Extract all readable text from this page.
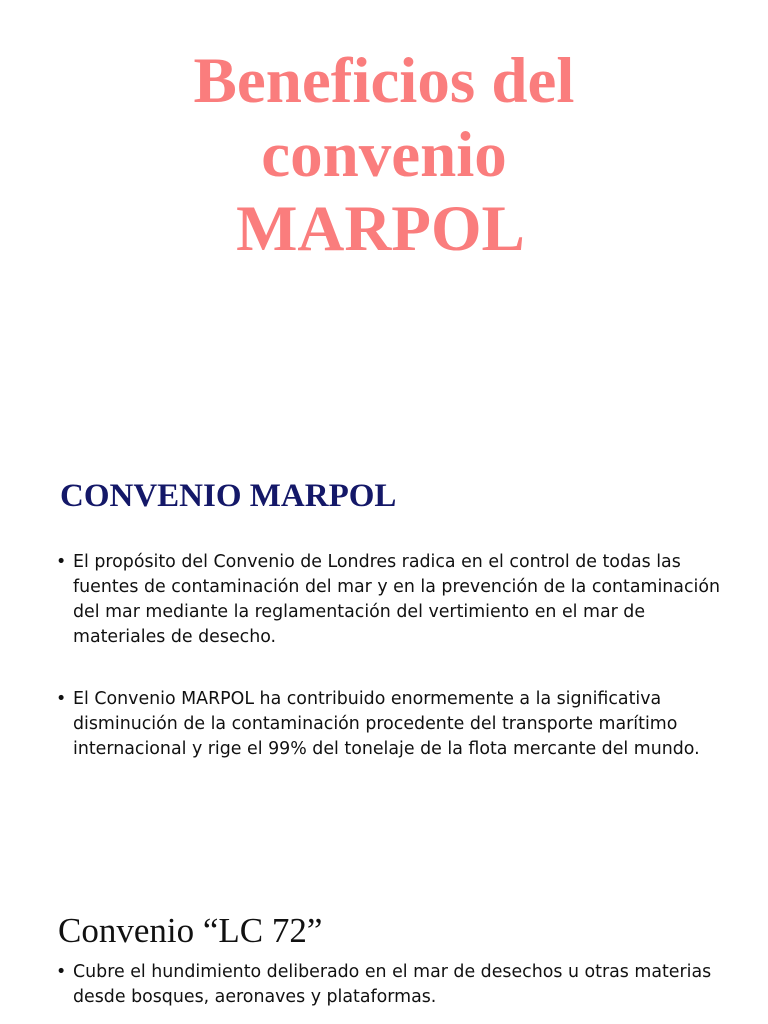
Beneficios del
convenio
MARPOL
CONVENIO MARPOL
• El propósito del Convenio de Londres radica en el control de todas las fuentes de contaminación del mar y en la prevención de la contaminación del mar mediante la reglamentación del vertimiento en el mar de materiales de desecho.
• El Convenio MARPOL ha contribuido enormemente a la significativa disminución de la contaminación procedente del transporte marítimo internacional y rige el 99% del tonelaje de la flota mercante del mundo.
Convenio “LC 72”
• Cubre el hundimiento deliberado en el mar de desechos u otras materias desde bosques, aeronaves y plataformas.
